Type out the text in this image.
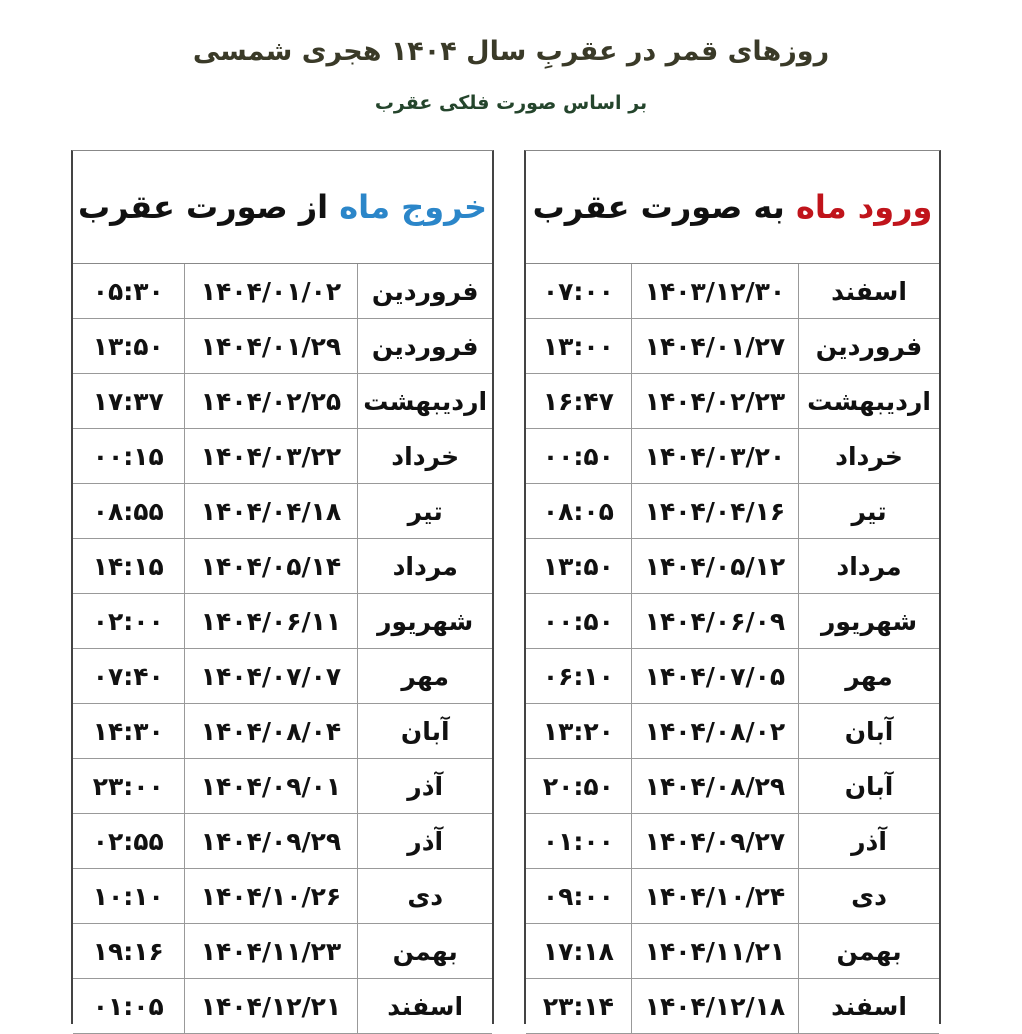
روزهای قمر در عقربِ سال ۱۴۰۴ هجری شمسی
بر اساس صورت فلکی عقرب
خروج ماه

از صورت عقرب
۰۵:۳۰	۱۴۰۴/۰۱/۰۲	فروردین
۱۳:۵۰	۱۴۰۴/۰۱/۲۹	فروردین
۱۷:۳۷	۱۴۰۴/۰۲/۲۵	اردیبهشت
۰۰:۱۵	۱۴۰۴/۰۳/۲۲	خرداد
۰۸:۵۵	۱۴۰۴/۰۴/۱۸	تیر
۱۴:۱۵	۱۴۰۴/۰۵/۱۴	مرداد
۰۲:۰۰	۱۴۰۴/۰۶/۱۱	شهریور
۰۷:۴۰	۱۴۰۴/۰۷/۰۷	مهر
۱۴:۳۰	۱۴۰۴/۰۸/۰۴	آبان
۲۳:۰۰	۱۴۰۴/۰۹/۰۱	آذر
۰۲:۵۵	۱۴۰۴/۰۹/۲۹	آذر
۱۰:۱۰	۱۴۰۴/۱۰/۲۶	دی
۱۹:۱۶	۱۴۰۴/۱۱/۲۳	بهمن
۰۱:۰۵	۱۴۰۴/۱۲/۲۱	اسفند
ورود ماه

به صورت عقرب
۰۷:۰۰	۱۴۰۳/۱۲/۳۰	اسفند
۱۳:۰۰	۱۴۰۴/۰۱/۲۷	فروردین
۱۶:۴۷	۱۴۰۴/۰۲/۲۳	اردیبهشت
۰۰:۵۰	۱۴۰۴/۰۳/۲۰	خرداد
۰۸:۰۵	۱۴۰۴/۰۴/۱۶	تیر
۱۳:۵۰	۱۴۰۴/۰۵/۱۲	مرداد
۰۰:۵۰	۱۴۰۴/۰۶/۰۹	شهریور
۰۶:۱۰	۱۴۰۴/۰۷/۰۵	مهر
۱۳:۲۰	۱۴۰۴/۰۸/۰۲	آبان
۲۰:۵۰	۱۴۰۴/۰۸/۲۹	آبان
۰۱:۰۰	۱۴۰۴/۰۹/۲۷	آذر
۰۹:۰۰	۱۴۰۴/۱۰/۲۴	دی
۱۷:۱۸	۱۴۰۴/۱۱/۲۱	بهمن
۲۳:۱۴	۱۴۰۴/۱۲/۱۸	اسفند
